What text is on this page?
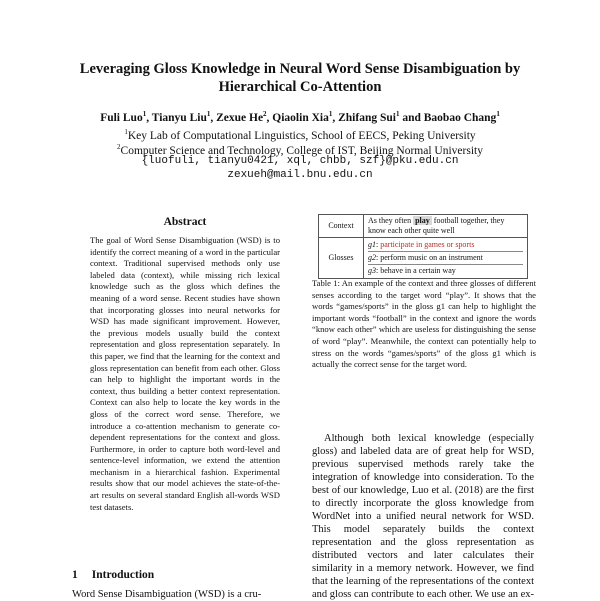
Leveraging Gloss Knowledge in Neural Word Sense Disambiguation by Hierarchical Co-Attention
Fuli Luo$^1$, Tianyu Liu$^1$, Zexue He$^2$, Qiaolin Xia$^1$, Zhifang Sui$^1$ and Baobao Chang$^1$
$^1$Key Lab of Computational Linguistics, School of EECS, Peking University
$^2$Computer Science and Technology, College of IST, Beijing Normal University
{luofuli, tianyu0421, xql, chbb, szf}@pku.edu.cn
zexueh@mail.bnu.edu.cn
Abstract
The goal of Word Sense Disambiguation (WSD) is to identify the correct meaning of a word in the particular context. Traditional supervised methods only use labeled data (context), while missing rich lexical knowledge such as the gloss which defines the meaning of a word sense. Recent studies have shown that incorporating glosses into neural networks for WSD has made significant improvement. However, the previous models usually build the context representation and gloss representation separately. In this paper, we find that the learning for the context and gloss representation can benefit from each other. Gloss can help to highlight the important words in the context, thus building a better context representation. Context can also help to locate the key words in the gloss of the correct word sense. Therefore, we introduce a co-attention mechanism to generate co-dependent representations for the context and gloss. Furthermore, in order to capture both word-level and sentence-level information, we extend the attention mechanism in a hierarchical fashion. Experimental results show that our model achieves the state-of-the-art results on several standard English all-words WSD test datasets.
1 Introduction
Word Sense Disambiguation (WSD) is a cru-
Context	As they often play football together, they know each other quite well
Glosses	g1: participate in games or sports
g2: perform music on an instrument
g3: behave in a certain way
Table 1: An example of the context and three glosses of different senses according to the target word “play”. It shows that the words “games/sports” in the gloss g1 can help to highlight the important words “football” in the context and ignore the words “know each other” which are useless for distinguishing the sense of word “play”. Meanwhile, the context can potentially help to stress on the words “games/sports” of the gloss g1 which is actually the correct sense for the target word.

Although both lexical knowledge (especially gloss) and labeled data are of great help for WSD, previous supervised methods rarely take the integration of knowledge into consideration. To the best of our knowledge, Luo et al. (2018) are the first to directly incorporate the gloss knowledge from WordNet into a unified neural network for WSD. This model separately builds the context representation and the gloss representation as distributed vectors and later calculates their similarity in a memory network. However, we find that the learning of the representations of the context and gloss can contribute to each other. We use an ex-
